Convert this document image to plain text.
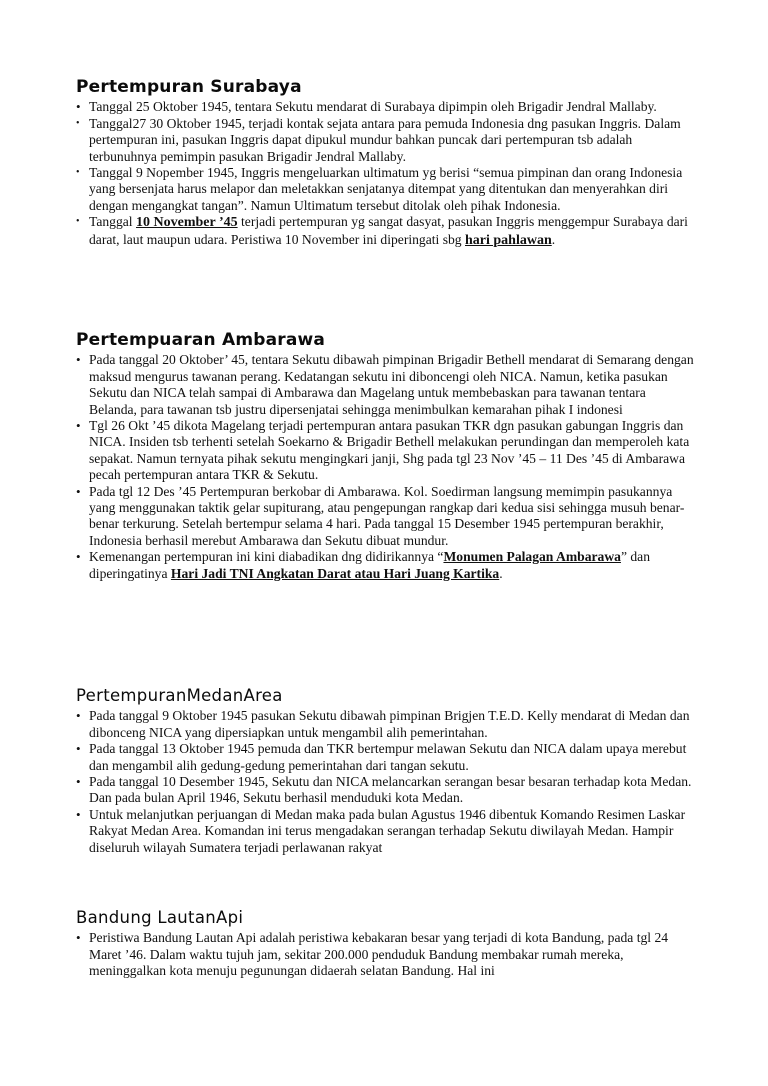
Pertempuran Surabaya
• Tanggal 25 Oktober 1945, tentara Sekutu mendarat di Surabaya dipimpin oleh Brigadir Jendral Mallaby.
• Tanggal27 30 Oktober 1945, terjadi kontak sejata antara para pemuda Indonesia dng pasukan Inggris. Dalam pertempuran ini, pasukan Inggris dapat dipukul mundur bahkan puncak dari pertempuran tsb adalah terbunuhnya pemimpin pasukan Brigadir Jendral Mallaby.
• Tanggal 9 Nopember 1945, Inggris mengeluarkan ultimatum yg berisi “semua pimpinan dan orang Indonesia yang bersenjata harus melapor dan meletakkan senjatanya ditempat yang ditentukan dan menyerahkan diri dengan mengangkat tangan”. Namun Ultimatum tersebut ditolak oleh pihak Indonesia.
• Tanggal 10 November ’45 terjadi pertempuran yg sangat dasyat, pasukan Inggris menggempur Surabaya dari darat, laut maupun udara. Peristiwa 10 November ini diperingati sbg hari pahlawan.
Pertempuaran Ambarawa
• Pada tanggal 20 Oktober’ 45, tentara Sekutu dibawah pimpinan Brigadir Bethell mendarat di Semarang dengan maksud mengurus tawanan perang. Kedatangan sekutu ini diboncengi oleh NICA. Namun, ketika pasukan Sekutu dan NICA telah sampai di Ambarawa dan Magelang untuk membebaskan para tawanan tentara Belanda, para tawanan tsb justru dipersenjatai sehingga menimbulkan kemarahan pihak I indonesi
• Tgl 26 Okt ’45 dikota Magelang terjadi pertempuran antara pasukan TKR dgn pasukan gabungan Inggris dan NICA. Insiden tsb terhenti setelah Soekarno & Brigadir Bethell melakukan perundingan dan memperoleh kata sepakat. Namun ternyata pihak sekutu mengingkari janji, Shg pada tgl 23 Nov ’45 – 11 Des ’45 di Ambarawa pecah pertempuran antara TKR & Sekutu.
• Pada tgl 12 Des ’45 Pertempuran berkobar di Ambarawa. Kol. Soedirman langsung memimpin pasukannya yang menggunakan taktik gelar supiturang, atau pengepungan rangkap dari kedua sisi sehingga musuh benar-benar terkurung. Setelah bertempur selama 4 hari. Pada tanggal 15 Desember 1945 pertempuran berakhir, Indonesia berhasil merebut Ambarawa dan Sekutu dibuat mundur.
• Kemenangan pertempuran ini kini diabadikan dng didirikannya “Monumen Palagan Ambarawa” dan diperingatinya Hari Jadi TNI Angkatan Darat atau Hari Juang Kartika.
PertempuranMedanArea
• Pada tanggal 9 Oktober 1945 pasukan Sekutu dibawah pimpinan Brigjen T.E.D. Kelly mendarat di Medan dan dibonceng NICA yang dipersiapkan untuk mengambil alih pemerintahan.
• Pada tanggal 13 Oktober 1945 pemuda dan TKR bertempur melawan Sekutu dan NICA dalam upaya merebut dan mengambil alih gedung-gedung pemerintahan dari tangan sekutu.
• Pada tanggal 10 Desember 1945, Sekutu dan NICA melancarkan serangan besar besaran terhadap kota Medan. Dan pada bulan April 1946, Sekutu berhasil menduduki kota Medan.
• Untuk melanjutkan perjuangan di Medan maka pada bulan Agustus 1946 dibentuk Komando Resimen Laskar Rakyat Medan Area. Komandan ini terus mengadakan serangan terhadap Sekutu diwilayah Medan. Hampir diseluruh wilayah Sumatera terjadi perlawanan rakyat
Bandung LautanApi
• Peristiwa Bandung Lautan Api adalah peristiwa kebakaran besar yang terjadi di kota Bandung, pada tgl 24 Maret ’46. Dalam waktu tujuh jam, sekitar 200.000 penduduk Bandung membakar rumah mereka, meninggalkan kota menuju pegunungan didaerah selatan Bandung. Hal ini
